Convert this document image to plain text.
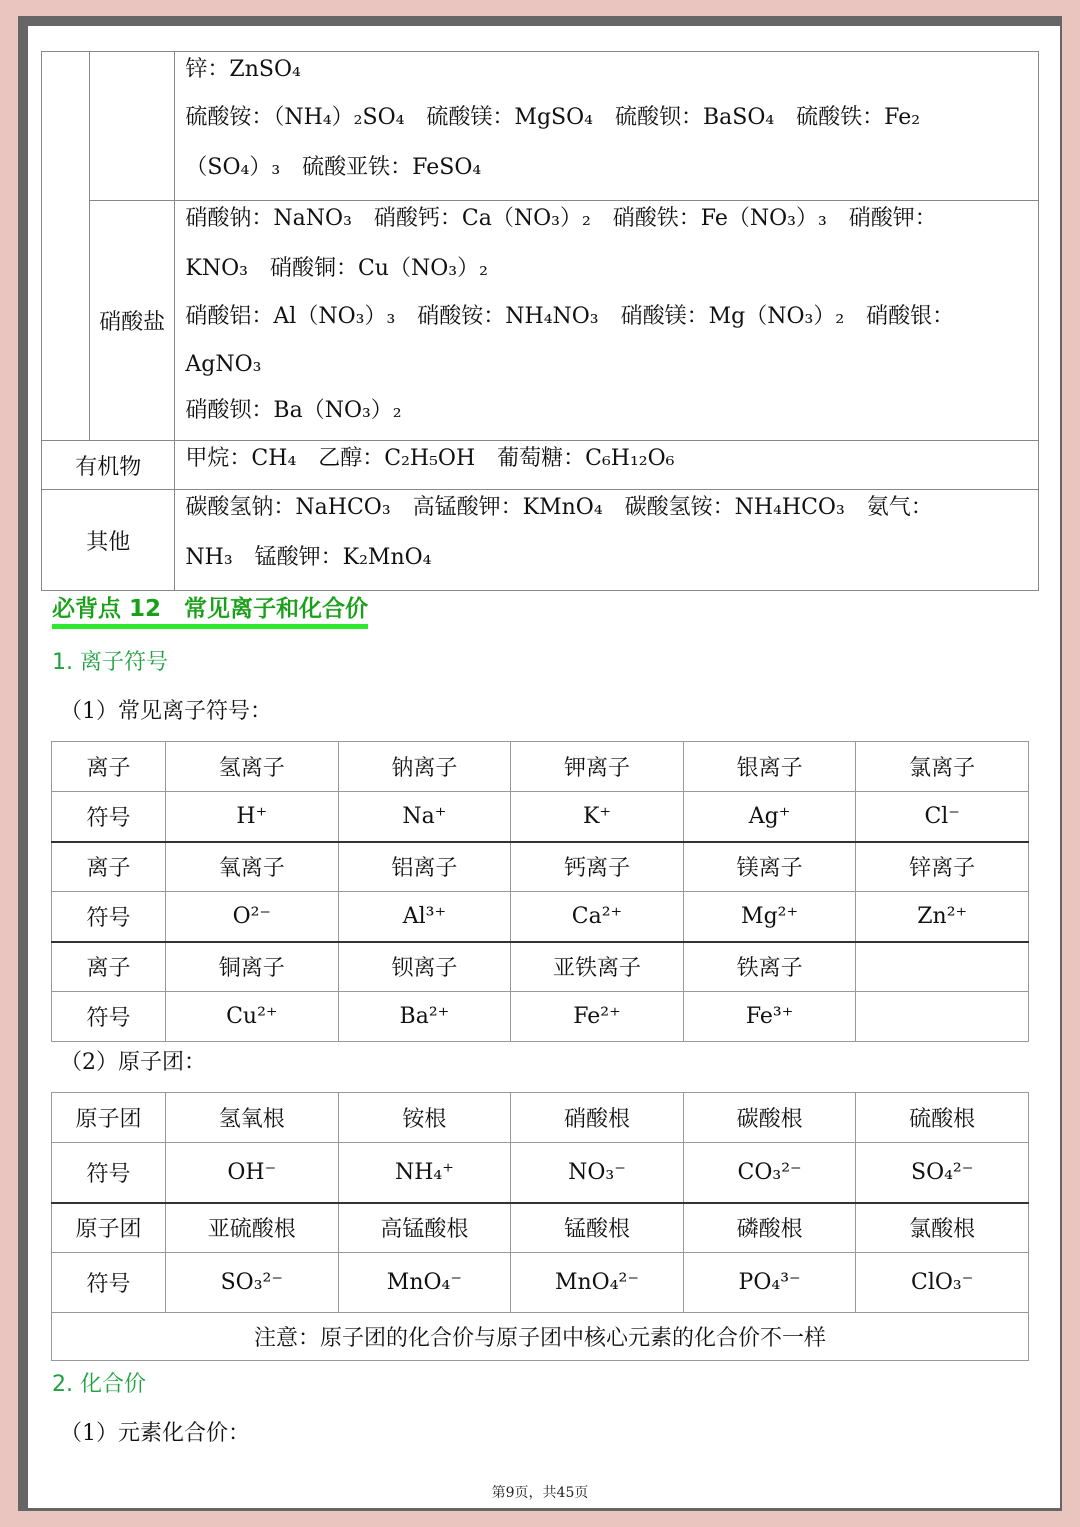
		锌：ZnSO₄
硫酸铵：（NH₄）₂SO₄　硫酸镁：MgSO₄　硫酸钡：BaSO₄　硫酸铁：Fe₂
（SO₄）₃　硫酸亚铁：FeSO₄

	硝酸盐	硝酸钠：NaNO₃　硝酸钙：Ca（NO₃）₂　硝酸铁：Fe（NO₃）₃　硝酸钾：
KNO₃　硝酸铜：Cu（NO₃）₂
硝酸铝：Al（NO₃）₃　硝酸铵：NH₄NO₃　硝酸镁：Mg（NO₃）₂　硝酸银：
AgNO₃
硝酸钡：Ba（NO₃）₂

有机物		甲烷：CH₄　乙醇：C₂H₅OH　葡萄糖：C₆H₁₂O₆

其他		碳酸氢钠：NaHCO₃　高锰酸钾：KMnO₄　碳酸氢铵：NH₄HCO₃　氨气：
NH₃　锰酸钾：K₂MnO₄
必背点 12　常见离子和化合价
1. 离子符号
（1）常见离子符号：
离子	氢离子	钠离子	钾离子	银离子	氯离子
符号	H⁺	Na⁺	K⁺	Ag⁺	Cl⁻
离子	氧离子	铝离子	钙离子	镁离子	锌离子
符号	O²⁻	Al³⁺	Ca²⁺	Mg²⁺	Zn²⁺
离子	铜离子	钡离子	亚铁离子	铁离子	
符号	Cu²⁺	Ba²⁺	Fe²⁺	Fe³⁺	
（2）原子团：
原子团	氢氧根	铵根	硝酸根	碳酸根	硫酸根
符号	OH⁻	NH₄⁺	NO₃⁻	CO₃²⁻	SO₄²⁻
原子团	亚硫酸根	高锰酸根	锰酸根	磷酸根	氯酸根
符号	SO₃²⁻	MnO₄⁻	MnO₄²⁻	PO₄³⁻	ClO₃⁻
注意：原子团的化合价与原子团中核心元素的化合价不一样					
2. 化合价
（1）元素化合价：
第9页，共45页
